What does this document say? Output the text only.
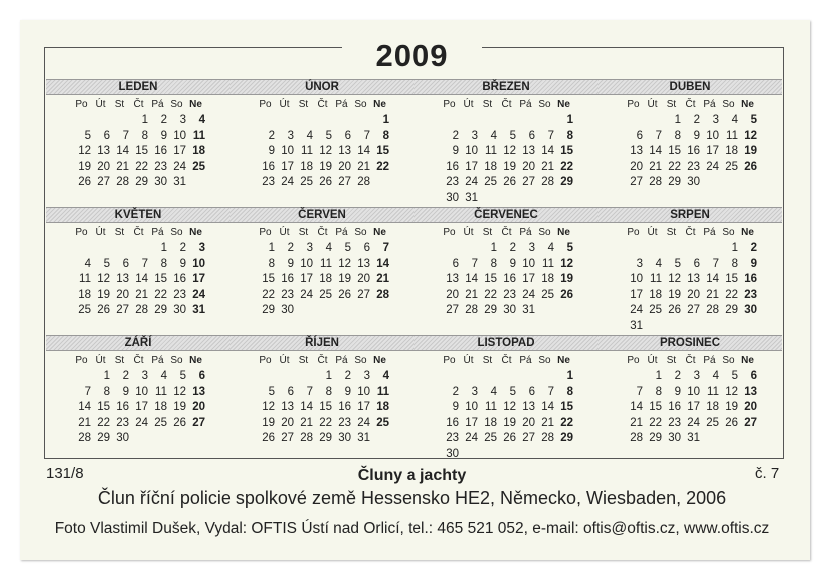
2009
LEDEN
Po	Út	St	Čt	Pá	So	Ne
			1	2	3	4
5	6	7	8	9	10	11
12	13	14	15	16	17	18
19	20	21	22	23	24	25
26	27	28	29	30	31	
ÚNOR
Po	Út	St	Čt	Pá	So	Ne
						1
2	3	4	5	6	7	8
9	10	11	12	13	14	15
16	17	18	19	20	21	22
23	24	25	26	27	28	
BŘEZEN
Po	Út	St	Čt	Pá	So	Ne
						1
2	3	4	5	6	7	8
9	10	11	12	13	14	15
16	17	18	19	20	21	22
23	24	25	26	27	28	29
30	31					
DUBEN
Po	Út	St	Čt	Pá	So	Ne
		1	2	3	4	5
6	7	8	9	10	11	12
13	14	15	16	17	18	19
20	21	22	23	24	25	26
27	28	29	30			
KVĚTEN
Po	Út	St	Čt	Pá	So	Ne
				1	2	3
4	5	6	7	8	9	10
11	12	13	14	15	16	17
18	19	20	21	22	23	24
25	26	27	28	29	30	31
ČERVEN
Po	Út	St	Čt	Pá	So	Ne
1	2	3	4	5	6	7
8	9	10	11	12	13	14
15	16	17	18	19	20	21
22	23	24	25	26	27	28
29	30					
ČERVENEC
Po	Út	St	Čt	Pá	So	Ne
		1	2	3	4	5
6	7	8	9	10	11	12
13	14	15	16	17	18	19
20	21	22	23	24	25	26
27	28	29	30	31		
SRPEN
Po	Út	St	Čt	Pá	So	Ne
					1	2
3	4	5	6	7	8	9
10	11	12	13	14	15	16
17	18	19	20	21	22	23
24	25	26	27	28	29	30
31						
ZÁŘÍ
Po	Út	St	Čt	Pá	So	Ne
	1	2	3	4	5	6
7	8	9	10	11	12	13
14	15	16	17	18	19	20
21	22	23	24	25	26	27
28	29	30				
ŘÍJEN
Po	Út	St	Čt	Pá	So	Ne
			1	2	3	4
5	6	7	8	9	10	11
12	13	14	15	16	17	18
19	20	21	22	23	24	25
26	27	28	29	30	31	
LISTOPAD
Po	Út	St	Čt	Pá	So	Ne
						1
2	3	4	5	6	7	8
9	10	11	12	13	14	15
16	17	18	19	20	21	22
23	24	25	26	27	28	29
30						
PROSINEC
Po	Út	St	Čt	Pá	So	Ne
	1	2	3	4	5	6
7	8	9	10	11	12	13
14	15	16	17	18	19	20
21	22	23	24	25	26	27
28	29	30	31			
131/8	Čluny a jachty	č. 7
Člun říční policie spolkové země Hessensko HE2, Německo, Wiesbaden, 2006
Foto Vlastimil Dušek, Vydal: OFTIS Ústí nad Orlicí, tel.: 465 521 052, e-mail: oftis@oftis.cz, www.oftis.cz
